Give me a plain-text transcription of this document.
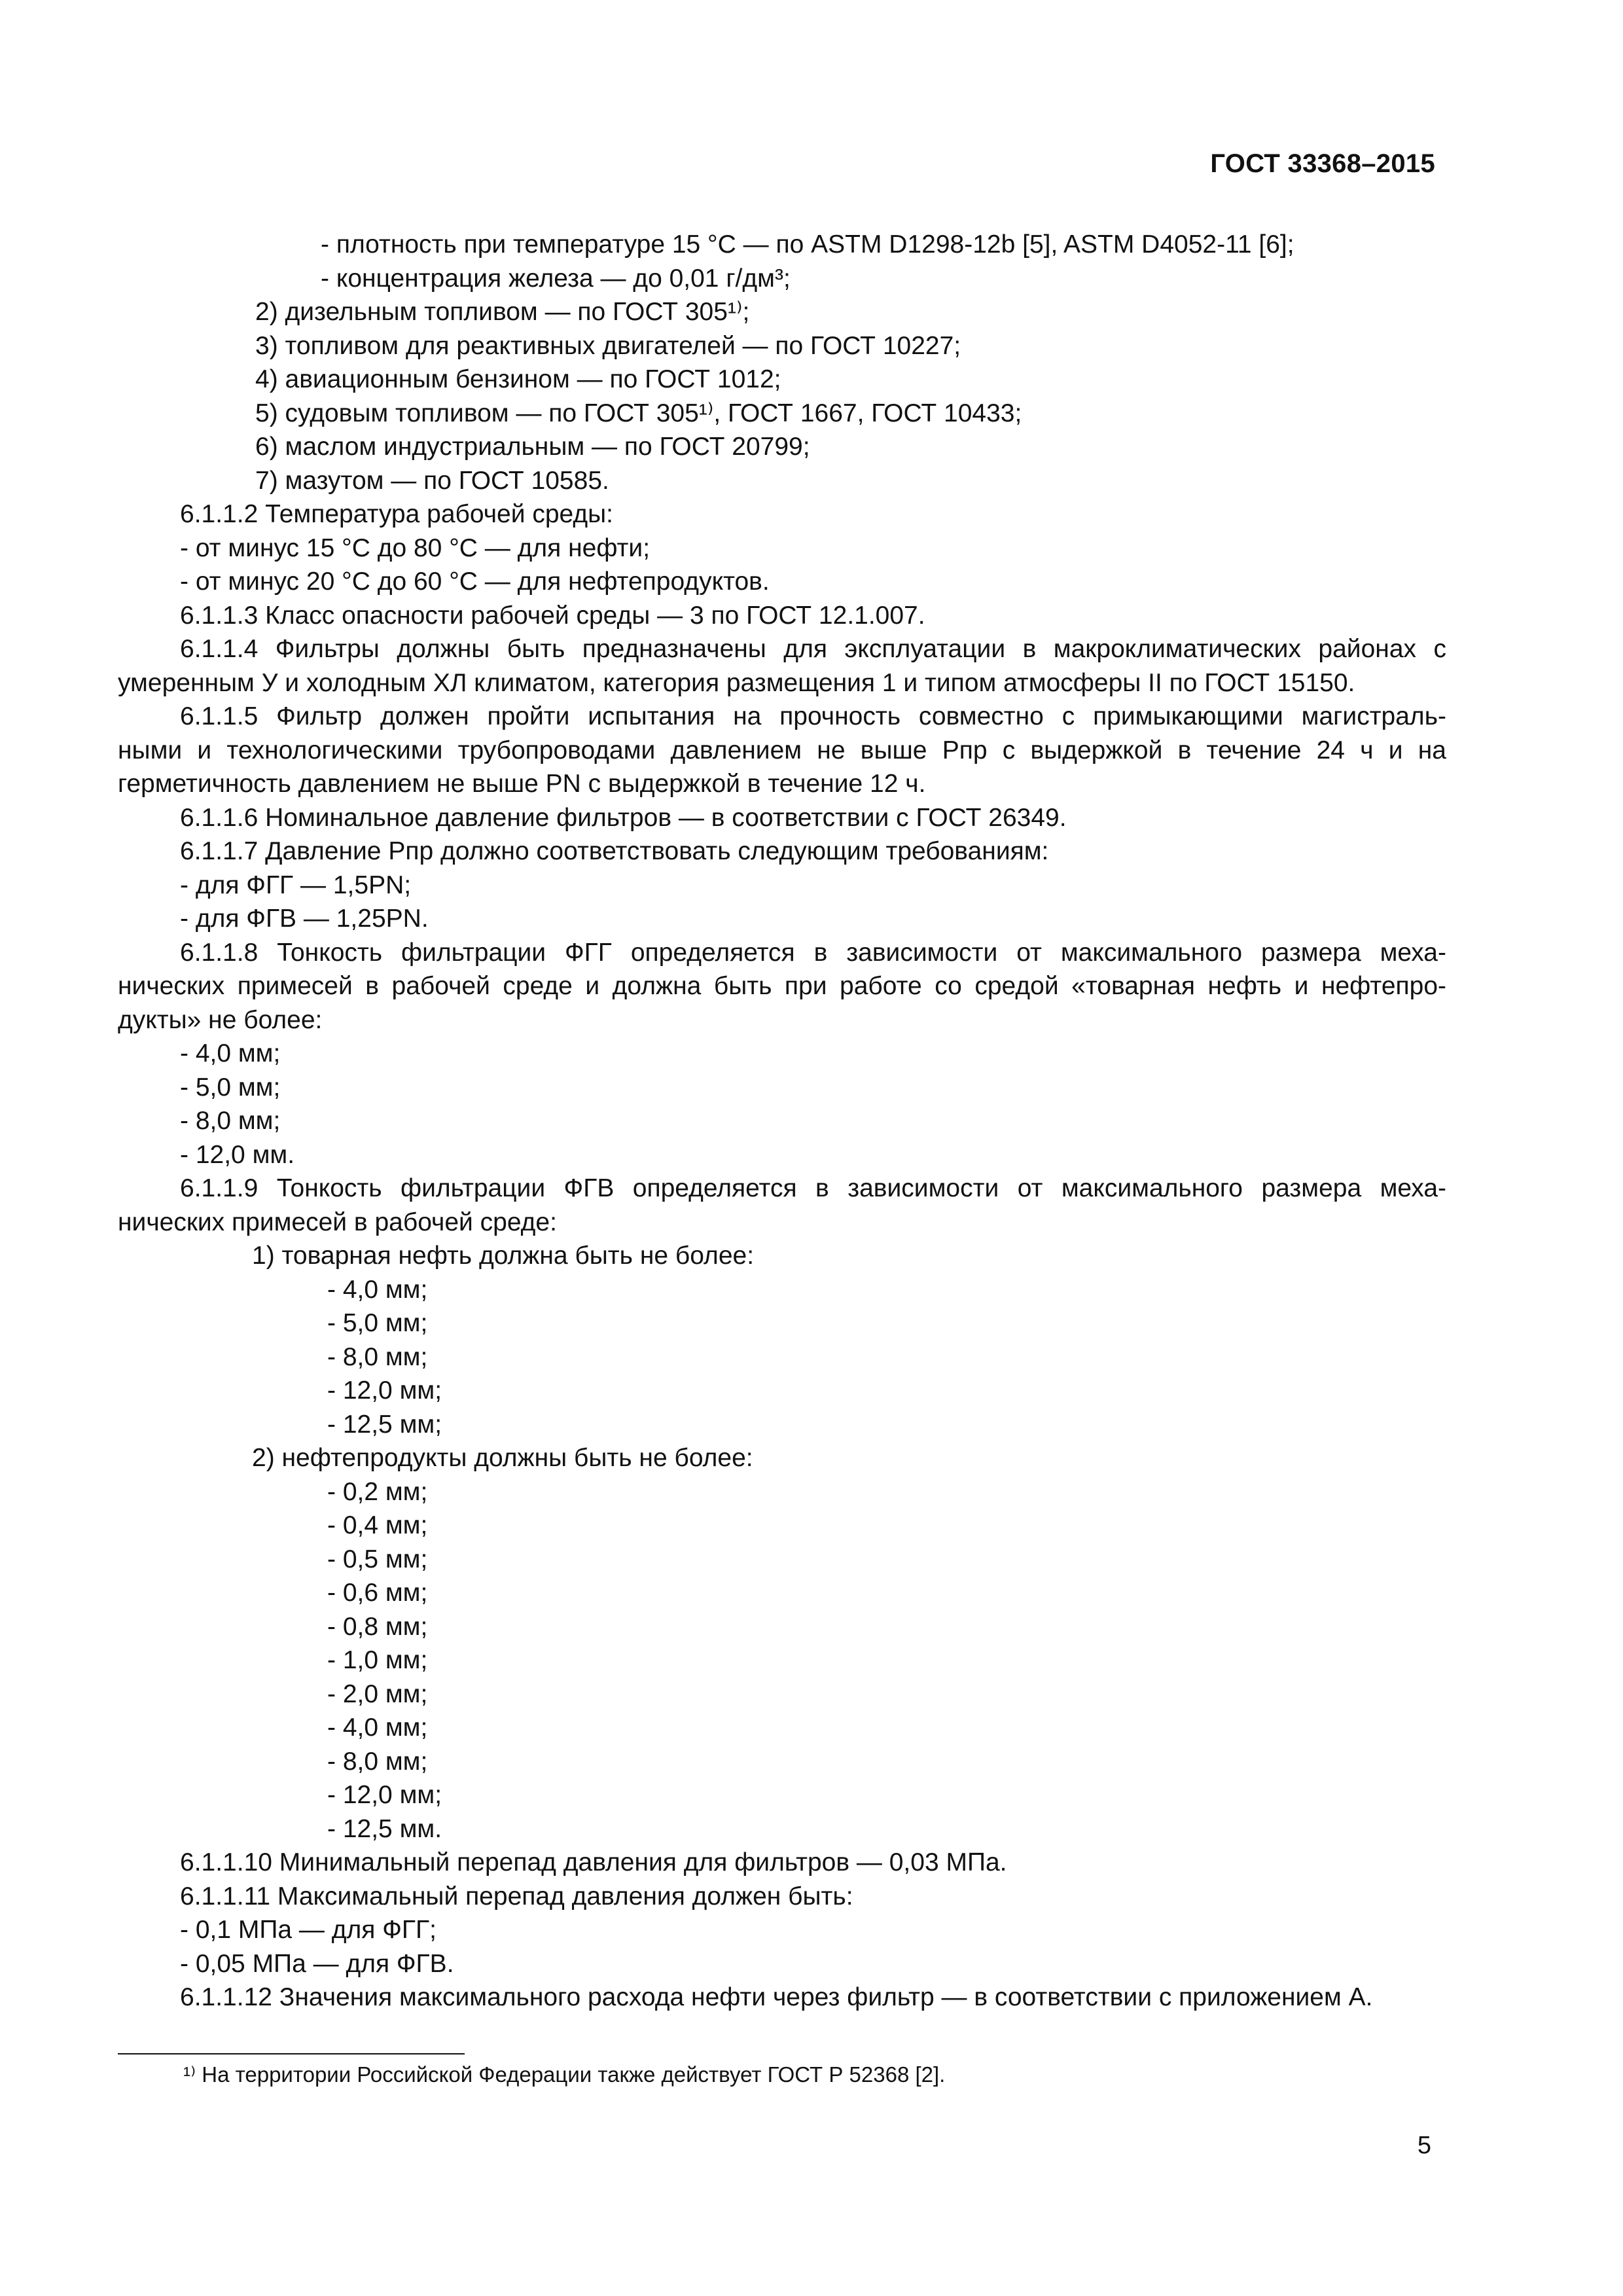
ГОСТ 33368–2015
- плотность при температуре 15 °С — по ASTM D1298-12b [5], ASTM D4052-11 [6];
- концентрация железа — до 0,01 г/дм³;
2) дизельным топливом — по ГОСТ 305¹⁾;
3) топливом для реактивных двигателей — по ГОСТ 10227;
4) авиационным бензином — по ГОСТ 1012;
5) судовым топливом — по ГОСТ 305¹⁾, ГОСТ 1667, ГОСТ 10433;
6) маслом индустриальным — по ГОСТ 20799;
7) мазутом — по ГОСТ 10585.
6.1.1.2 Температура рабочей среды:
- от минус 15 °С до 80 °С — для нефти;
- от минус 20 °С до 60 °С — для нефтепродуктов.
6.1.1.3 Класс опасности рабочей среды — 3 по ГОСТ 12.1.007.
6.1.1.4 Фильтры должны быть предназначены для эксплуатации в макроклиматических районах с
умеренным У и холодным ХЛ климатом, категория размещения 1 и типом атмосферы II по ГОСТ 15150.
6.1.1.5 Фильтр должен пройти испытания на прочность совместно с примыкающими магистраль-
ными и технологическими трубопроводами давлением не выше Pпр с выдержкой в течение 24 ч и на
герметичность давлением не выше PN с выдержкой в течение 12 ч.
6.1.1.6 Номинальное давление фильтров — в соответствии с ГОСТ 26349.
6.1.1.7 Давление Pпр должно соответствовать следующим требованиям:
- для ФГГ — 1,5PN;
- для ФГВ — 1,25PN.
6.1.1.8 Тонкость фильтрации ФГГ определяется в зависимости от максимального размера меха-
нических примесей в рабочей среде и должна быть при работе со средой «товарная нефть и нефтепро-
дукты» не более:
- 4,0 мм;
- 5,0 мм;
- 8,0 мм;
- 12,0 мм.
6.1.1.9 Тонкость фильтрации ФГВ определяется в зависимости от максимального размера меха-
нических примесей в рабочей среде:
1) товарная нефть должна быть не более:
- 4,0 мм;
- 5,0 мм;
- 8,0 мм;
- 12,0 мм;
- 12,5 мм;
2) нефтепродукты должны быть не более:
- 0,2 мм;
- 0,4 мм;
- 0,5 мм;
- 0,6 мм;
- 0,8 мм;
- 1,0 мм;
- 2,0 мм;
- 4,0 мм;
- 8,0 мм;
- 12,0 мм;
- 12,5 мм.
6.1.1.10 Минимальный перепад давления для фильтров — 0,03 МПа.
6.1.1.11 Максимальный перепад давления должен быть:
- 0,1 МПа — для ФГГ;
- 0,05 МПа — для ФГВ.
6.1.1.12 Значения максимального расхода нефти через фильтр — в соответствии с приложением А.
¹⁾ На территории Российской Федерации также действует ГОСТ Р 52368 [2].
5
